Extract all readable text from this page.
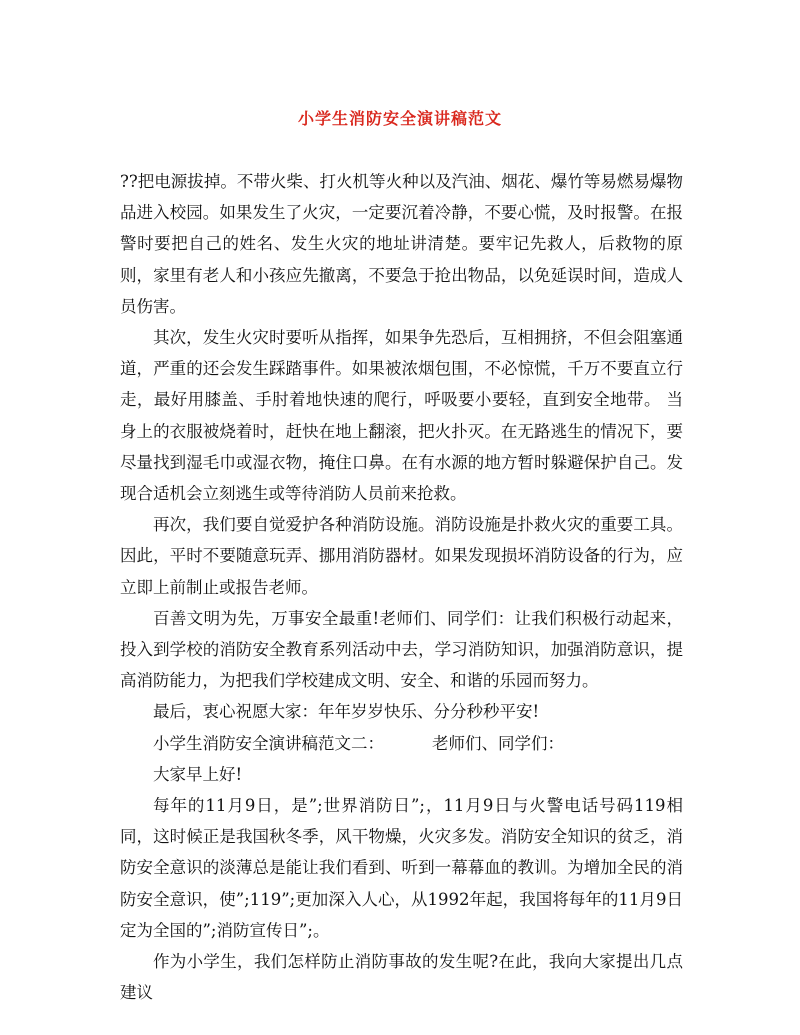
小学生消防安全演讲稿范文

??把电源拔掉。不带火柴、打火机等火种以及汽油、烟花、爆竹等易燃易爆物品进入校园。如果发生了火灾，一定要沉着冷静，不要心慌，及时报警。在报警时要把自己的姓名、发生火灾的地址讲清楚。要牢记先救人，后救物的原则，家里有老人和小孩应先撤离，不要急于抢出物品，以免延误时间，造成人员伤害。

其次，发生火灾时要听从指挥，如果争先恐后，互相拥挤，不但会阻塞通道，严重的还会发生踩踏事件。如果被浓烟包围，不必惊慌，千万不要直立行走，最好用膝盖、手肘着地快速的爬行，呼吸要小要轻，直到安全地带。 当身上的衣服被烧着时，赶快在地上翻滚，把火扑灭。在无路逃生的情况下，要尽量找到湿毛巾或湿衣物，掩住口鼻。在有水源的地方暂时躲避保护自己。发现合适机会立刻逃生或等待消防人员前来抢救。

再次，我们要自觉爱护各种消防设施。消防设施是扑救火灾的重要工具。因此，平时不要随意玩弄、挪用消防器材。如果发现损坏消防设备的行为，应立即上前制止或报告老师。

百善文明为先，万事安全最重!老师们、同学们：让我们积极行动起来，投入到学校的消防安全教育系列活动中去，学习消防知识，加强消防意识，提高消防能力，为把我们学校建成文明、安全、和谐的乐园而努力。

最后，衷心祝愿大家：年年岁岁快乐、分分秒秒平安!

小学生消防安全演讲稿范文二：	老师们、同学们：

大家早上好!

每年的11月9日，是”;世界消防日”;，11月9日与火警电话号码119相同，这时候正是我国秋冬季，风干物燥，火灾多发。消防安全知识的贫乏，消防安全意识的淡薄总是能让我们看到、听到一幕幕血的教训。为增加全民的消防安全意识，使”;119”;更加深入人心，从1992年起，我国将每年的11月9日定为全国的”;消防宣传日”;。

作为小学生，我们怎样防止消防事故的发生呢?在此，我向大家提出几点建议
